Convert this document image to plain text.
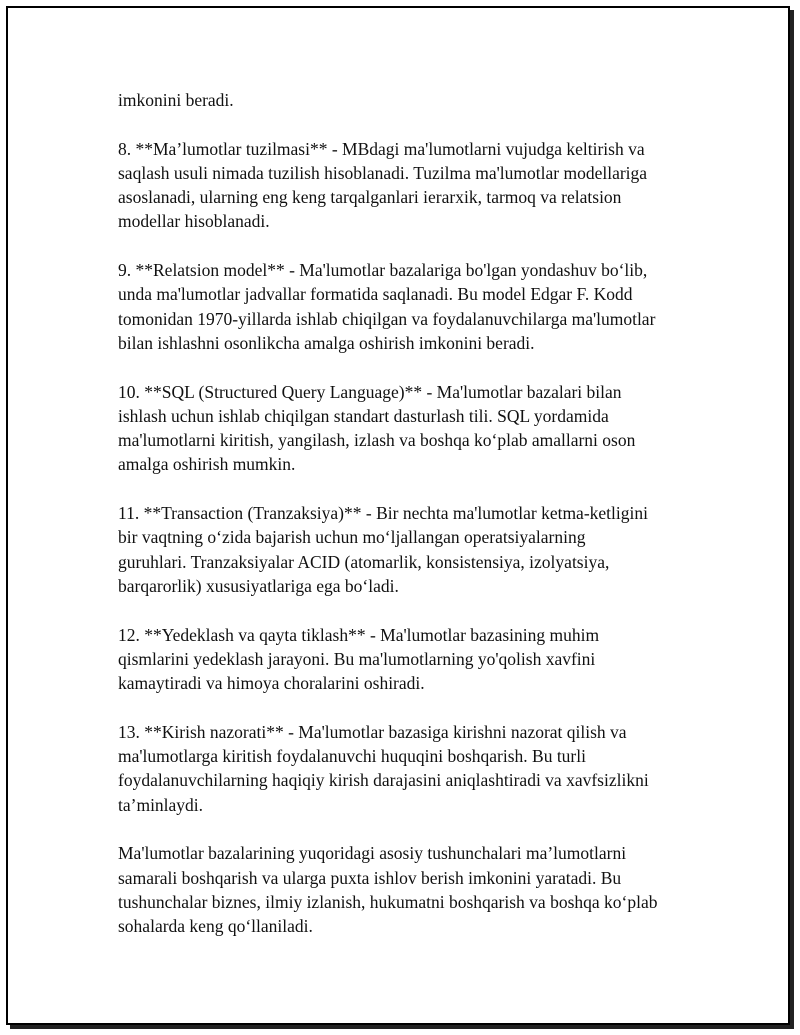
imkonini beradi.

8. **Ma’lumotlar tuzilmasi** - MBdagi ma'lumotlarni vujudga keltirish va
saqlash usuli nimada tuzilish hisoblanadi. Tuzilma ma'lumotlar modellariga
asoslanadi, ularning eng keng tarqalganlari ierarxik, tarmoq va relatsion
modellar hisoblanadi.

9. **Relatsion model** - Ma'lumotlar bazalariga bo'lgan yondashuv bo‘lib,
unda ma'lumotlar jadvallar formatida saqlanadi. Bu model Edgar F. Kodd
tomonidan 1970-yillarda ishlab chiqilgan va foydalanuvchilarga ma'lumotlar
bilan ishlashni osonlikcha amalga oshirish imkonini beradi.

10. **SQL (Structured Query Language)** - Ma'lumotlar bazalari bilan
ishlash uchun ishlab chiqilgan standart dasturlash tili. SQL yordamida
ma'lumotlarni kiritish, yangilash, izlash va boshqa ko‘plab amallarni oson
amalga oshirish mumkin.

11. **Transaction (Tranzaksiya)** - Bir nechta ma'lumotlar ketma-ketligini
bir vaqtning o‘zida bajarish uchun mo‘ljallangan operatsiyalarning
guruhlari. Tranzaksiyalar ACID (atomarlik, konsistensiya, izolyatsiya,
barqarorlik) xususiyatlariga ega bo‘ladi.

12. **Yedeklash va qayta tiklash** - Ma'lumotlar bazasining muhim
qismlarini yedeklash jarayoni. Bu ma'lumotlarning yo'qolish xavfini
kamaytiradi va himoya choralarini oshiradi.

13. **Kirish nazorati** - Ma'lumotlar bazasiga kirishni nazorat qilish va
ma'lumotlarga kiritish foydalanuvchi huquqini boshqarish. Bu turli
foydalanuvchilarning haqiqiy kirish darajasini aniqlashtiradi va xavfsizlikni
ta’minlaydi.

Ma'lumotlar bazalarining yuqoridagi asosiy tushunchalari ma’lumotlarni
samarali boshqarish va ularga puxta ishlov berish imkonini yaratadi. Bu
tushunchalar biznes, ilmiy izlanish, hukumatni boshqarish va boshqa ko‘plab
sohalarda keng qo‘llaniladi.
